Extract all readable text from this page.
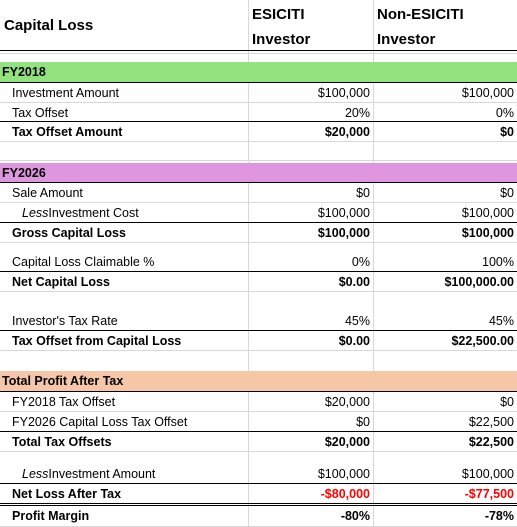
Capital Loss
ESICITI
Investor
Non-ESICITI
Investor
FY2018
Investment Amount	$100,000	$100,000
Tax Offset	20%	0%
Tax Offset Amount	$20,000	$0
FY2026
Sale Amount	$0	$0
Less Investment Cost	$100,000	$100,000
Gross Capital Loss	$100,000	$100,000
Capital Loss Claimable %	0%	100%
Net Capital Loss	$0.00	$100,000.00
Investor's Tax Rate	45%	45%
Tax Offset from Capital Loss	$0.00	$22,500.00
Total Profit After Tax
FY2018 Tax Offset	$20,000	$0
FY2026 Capital Loss Tax Offset	$0	$22,500
Total Tax Offsets	$20,000	$22,500
Less Investment Amount	$100,000	$100,000
Net Loss After Tax	-$80,000	-$77,500
Profit Margin	-80%	-78%
